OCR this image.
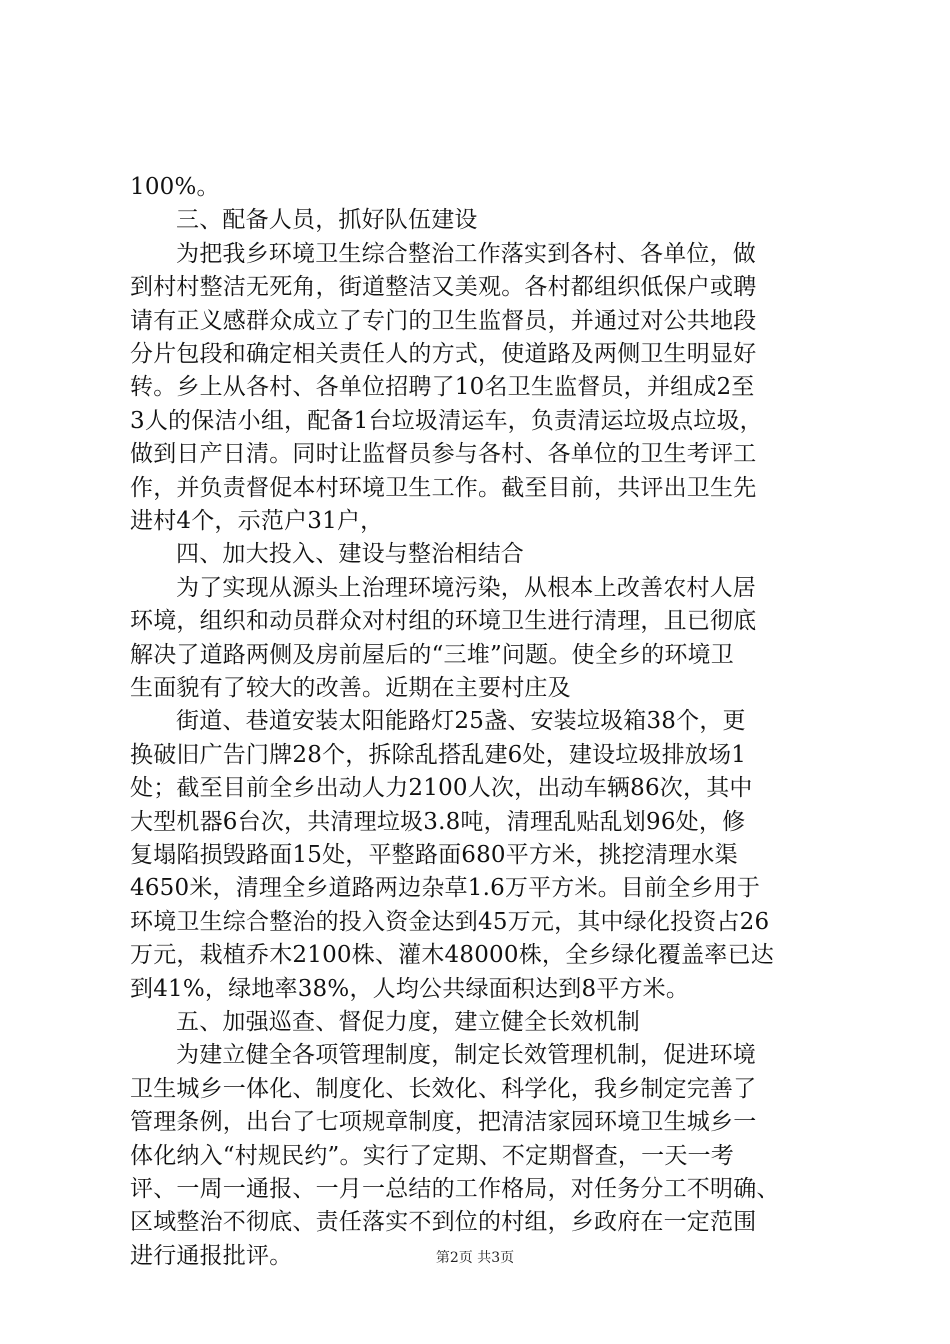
100%。
三、配备人员，抓好队伍建设
为把我乡环境卫生综合整治工作落实到各村、各单位，做
到村村整洁无死角，街道整洁又美观。各村都组织低保户或聘
请有正义感群众成立了专门的卫生监督员，并通过对公共地段
分片包段和确定相关责任人的方式，使道路及两侧卫生明显好
转。乡上从各村、各单位招聘了10名卫生监督员，并组成2至
3人的保洁小组，配备1台垃圾清运车，负责清运垃圾点垃圾，
做到日产日清。同时让监督员参与各村、各单位的卫生考评工
作，并负责督促本村环境卫生工作。截至目前，共评出卫生先
进村4个，示范户31户，
四、加大投入、建设与整治相结合
为了实现从源头上治理环境污染，从根本上改善农村人居
环境，组织和动员群众对村组的环境卫生进行清理，且已彻底
解决了道路两侧及房前屋后的“三堆”问题。使全乡的环境卫
生面貌有了较大的改善。近期在主要村庄及
街道、巷道安装太阳能路灯25盏、安装垃圾箱38个，更
换破旧广告门牌28个，拆除乱搭乱建6处，建设垃圾排放场1
处；截至目前全乡出动人力2100人次，出动车辆86次，其中
大型机器6台次，共清理垃圾3.8吨，清理乱贴乱划96处，修
复塌陷损毁路面15处，平整路面680平方米，挑挖清理水渠
4650米，清理全乡道路两边杂草1.6万平方米。目前全乡用于
环境卫生综合整治的投入资金达到45万元，其中绿化投资占26
万元，栽植乔木2100株、灌木48000株，全乡绿化覆盖率已达
到41%，绿地率38%，人均公共绿面积达到8平方米。
五、加强巡查、督促力度，建立健全长效机制
为建立健全各项管理制度，制定长效管理机制，促进环境
卫生城乡一体化、制度化、长效化、科学化，我乡制定完善了
管理条例，出台了七项规章制度，把清洁家园环境卫生城乡一
体化纳入“村规民约”。实行了定期、不定期督查，一天一考
评、一周一通报、一月一总结的工作格局，对任务分工不明确、
区域整治不彻底、责任落实不到位的村组，乡政府在一定范围
进行通报批评。	第2页 共3页
